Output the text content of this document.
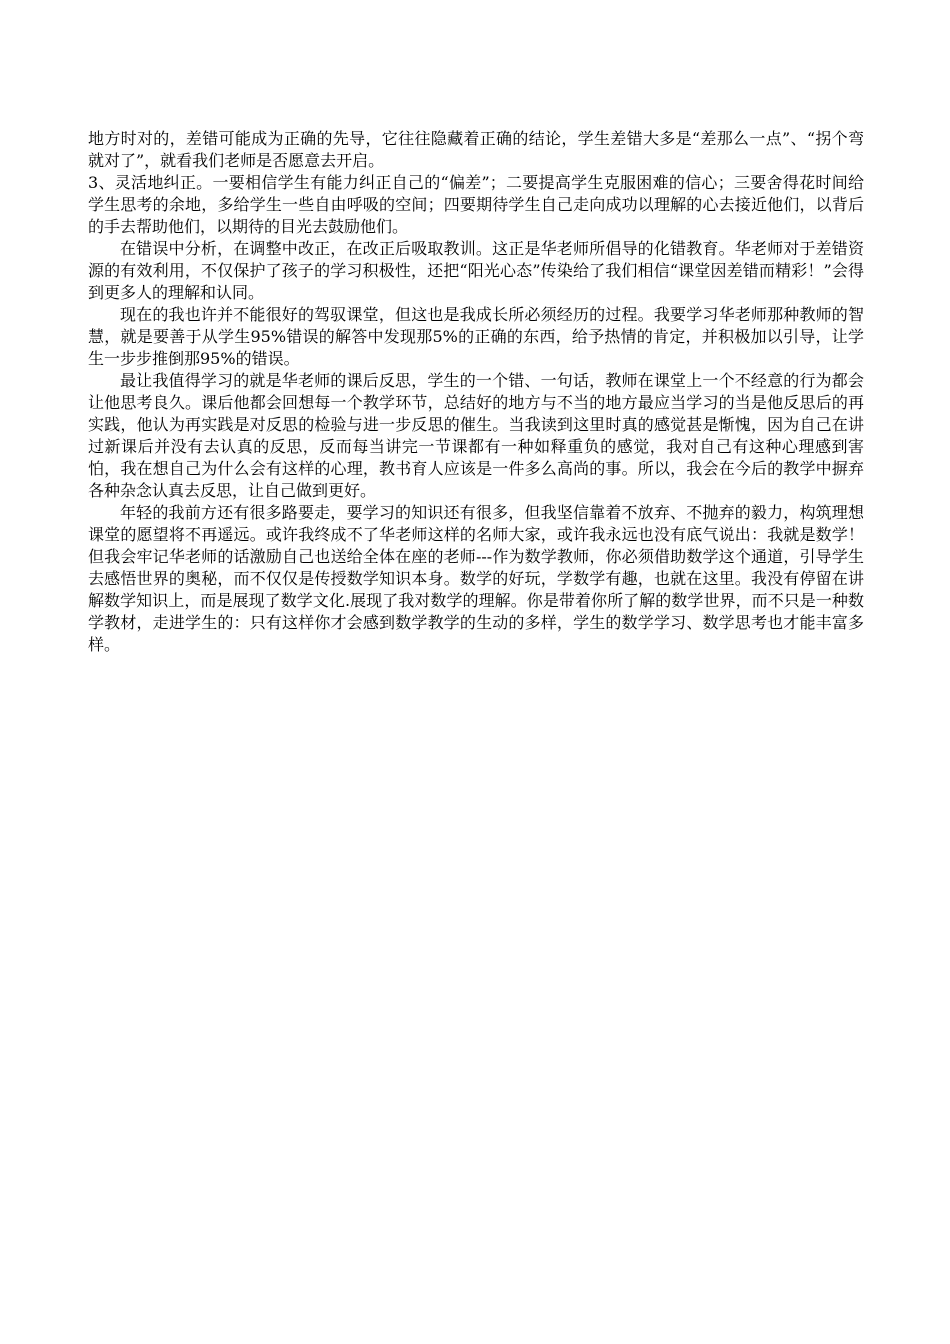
地方时对的，差错可能成为正确的先导，它往往隐藏着正确的结论，学生差错大多是“差那么一点”、“拐个弯就对了”，就看我们老师是否愿意去开启。

3、灵活地纠正。一要相信学生有能力纠正自己的“偏差”；二要提高学生克服困难的信心；三要舍得花时间给学生思考的余地，多给学生一些自由呼吸的空间；四要期待学生自己走向成功以理解的心去接近他们，以背后的手去帮助他们，以期待的目光去鼓励他们。

在错误中分析，在调整中改正，在改正后吸取教训。这正是华老师所倡导的化错教育。华老师对于差错资源的有效利用，不仅保护了孩子的学习积极性，还把“阳光心态”传染给了我们相信“课堂因差错而精彩！”会得到更多人的理解和认同。

现在的我也许并不能很好的驾驭课堂，但这也是我成长所必须经历的过程。我要学习华老师那种教师的智慧，就是要善于从学生95%错误的解答中发现那5%的正确的东西，给予热情的肯定，并积极加以引导，让学生一步步推倒那95%的错误。

最让我值得学习的就是华老师的课后反思，学生的一个错、一句话，教师在课堂上一个不经意的行为都会让他思考良久。课后他都会回想每一个教学环节，总结好的地方与不当的地方最应当学习的当是他反思后的再实践，他认为再实践是对反思的检验与进一步反思的催生。当我读到这里时真的感觉甚是惭愧，因为自己在讲过新课后并没有去认真的反思，反而每当讲完一节课都有一种如释重负的感觉，我对自己有这种心理感到害怕，我在想自己为什么会有这样的心理，教书育人应该是一件多么高尚的事。所以，我会在今后的教学中摒弃各种杂念认真去反思，让自己做到更好。

年轻的我前方还有很多路要走，要学习的知识还有很多，但我坚信靠着不放弃、不抛弃的毅力，构筑理想课堂的愿望将不再遥远。或许我终成不了华老师这样的名师大家，或许我永远也没有底气说出：我就是数学！但我会牢记华老师的话激励自己也送给全体在座的老师---作为数学教师，你必须借助数学这个通道，引导学生去感悟世界的奥秘，而不仅仅是传授数学知识本身。数学的好玩，学数学有趣，也就在这里。我没有停留在讲解数学知识上，而是展现了数学文化.展现了我对数学的理解。你是带着你所了解的数学世界，而不只是一种数学教材，走进学生的：只有这样你才会感到数学教学的生动的多样，学生的数学学习、数学思考也才能丰富多样。
